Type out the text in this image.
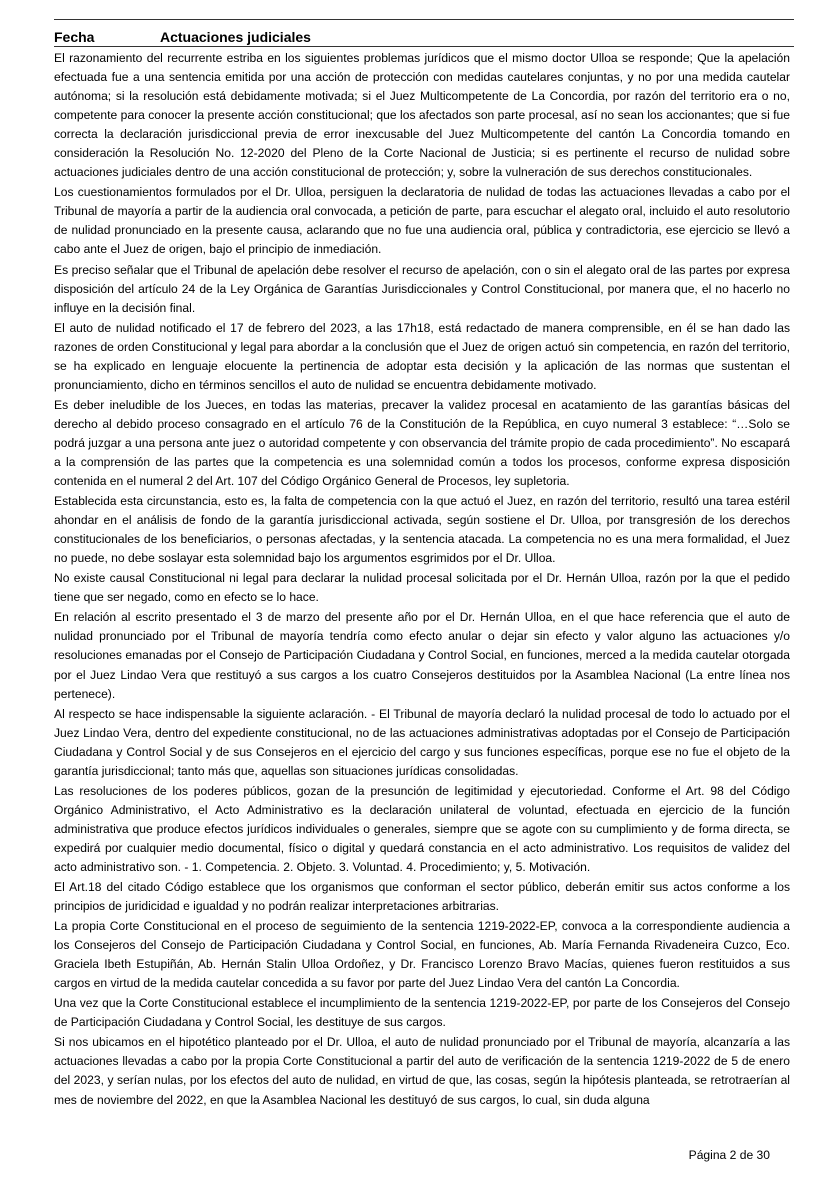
Fecha	Actuaciones judiciales

El razonamiento del recurrente estriba en los siguientes problemas jurídicos que el mismo doctor Ulloa se responde; Que la apelación efectuada fue a una sentencia emitida por una acción de protección con medidas cautelares conjuntas, y no por una medida cautelar autónoma; si la resolución está debidamente motivada; si el Juez Multicompetente de La Concordia, por razón del territorio era o no, competente para conocer la presente acción constitucional; que los afectados son parte procesal, así no sean los accionantes; que si fue correcta la declaración jurisdiccional previa de error inexcusable del Juez Multicompetente del cantón La Concordia tomando en consideración la Resolución No. 12-2020 del Pleno de la Corte Nacional de Justicia; si es pertinente el recurso de nulidad sobre actuaciones judiciales dentro de una acción constitucional de protección; y, sobre la vulneración de sus derechos constitucionales.

Los cuestionamientos formulados por el Dr. Ulloa, persiguen la declaratoria de nulidad de todas las actuaciones llevadas a cabo por el Tribunal de mayoría a partir de la audiencia oral convocada, a petición de parte, para escuchar el alegato oral, incluido el auto resolutorio de nulidad pronunciado en la presente causa, aclarando que no fue una audiencia oral, pública y contradictoria, ese ejercicio se llevó a cabo ante el Juez de origen, bajo el principio de inmediación.

Es preciso señalar que el Tribunal de apelación debe resolver el recurso de apelación, con o sin el alegato oral de las partes por expresa disposición del artículo 24 de la Ley Orgánica de Garantías Jurisdiccionales y Control Constitucional, por manera que, el no hacerlo no influye en la decisión final.

El auto de nulidad notificado el 17 de febrero del 2023, a las 17h18, está redactado de manera comprensible, en él se han dado las razones de orden Constitucional y legal para abordar a la conclusión que el Juez de origen actuó sin competencia, en razón del territorio, se ha explicado en lenguaje elocuente la pertinencia de adoptar esta decisión y la aplicación de las normas que sustentan el pronunciamiento, dicho en términos sencillos el auto de nulidad se encuentra debidamente motivado.

Es deber ineludible de los Jueces, en todas las materias, precaver la validez procesal en acatamiento de las garantías básicas del derecho al debido proceso consagrado en el artículo 76 de la Constitución de la República, en cuyo numeral 3 establece: “…Solo se podrá juzgar a una persona ante juez o autoridad competente y con observancia del trámite propio de cada procedimiento”. No escapará a la comprensión de las partes que la competencia es una solemnidad común a todos los procesos, conforme expresa disposición contenida en el numeral 2 del Art. 107 del Código Orgánico General de Procesos, ley supletoria.

Establecida esta circunstancia, esto es, la falta de competencia con la que actuó el Juez, en razón del territorio, resultó una tarea estéril ahondar en el análisis de fondo de la garantía jurisdiccional activada, según sostiene el Dr. Ulloa, por transgresión de los derechos constitucionales de los beneficiarios, o personas afectadas, y la sentencia atacada. La competencia no es una mera formalidad, el Juez no puede, no debe soslayar esta solemnidad bajo los argumentos esgrimidos por el Dr. Ulloa.

No existe causal Constitucional ni legal para declarar la nulidad procesal solicitada por el Dr. Hernán Ulloa, razón por la que el pedido tiene que ser negado, como en efecto se lo hace.

En relación al escrito presentado el 3 de marzo del presente año por el Dr. Hernán Ulloa, en el que hace referencia que el auto de nulidad pronunciado por el Tribunal de mayoría tendría como efecto anular o dejar sin efecto y valor alguno las actuaciones y/o resoluciones emanadas por el Consejo de Participación Ciudadana y Control Social, en funciones, merced a la medida cautelar otorgada por el Juez Lindao Vera que restituyó a sus cargos a los cuatro Consejeros destituidos por la Asamblea Nacional (La entre línea nos pertenece).

Al respecto se hace indispensable la siguiente aclaración. - El Tribunal de mayoría declaró la nulidad procesal de todo lo actuado por el Juez Lindao Vera, dentro del expediente constitucional, no de las actuaciones administrativas adoptadas por el Consejo de Participación Ciudadana y Control Social y de sus Consejeros en el ejercicio del cargo y sus funciones específicas, porque ese no fue el objeto de la garantía jurisdiccional; tanto más que, aquellas son situaciones jurídicas consolidadas.

Las resoluciones de los poderes públicos, gozan de la presunción de legitimidad y ejecutoriedad. Conforme el Art. 98 del Código Orgánico Administrativo, el Acto Administrativo es la declaración unilateral de voluntad, efectuada en ejercicio de la función administrativa que produce efectos jurídicos individuales o generales, siempre que se agote con su cumplimiento y de forma directa, se expedirá por cualquier medio documental, físico o digital y quedará constancia en el acto administrativo. Los requisitos de validez del acto administrativo son. - 1. Competencia. 2. Objeto. 3. Voluntad. 4. Procedimiento; y, 5. Motivación.

El Art.18 del citado Código establece que los organismos que conforman el sector público, deberán emitir sus actos conforme a los principios de juridicidad e igualdad y no podrán realizar interpretaciones arbitrarias.

La propia Corte Constitucional en el proceso de seguimiento de la sentencia 1219-2022-EP, convoca a la correspondiente audiencia a los Consejeros del Consejo de Participación Ciudadana y Control Social, en funciones, Ab. María Fernanda Rivadeneira Cuzco, Eco. Graciela Ibeth Estupiñán, Ab. Hernán Stalin Ulloa Ordoñez, y Dr. Francisco Lorenzo Bravo Macías, quienes fueron restituidos a sus cargos en virtud de la medida cautelar concedida a su favor por parte del Juez Lindao Vera del cantón La Concordia.

Una vez que la Corte Constitucional establece el incumplimiento de la sentencia 1219-2022-EP, por parte de los Consejeros del Consejo de Participación Ciudadana y Control Social, les destituye de sus cargos.

Si nos ubicamos en el hipotético planteado por el Dr. Ulloa, el auto de nulidad pronunciado por el Tribunal de mayoría, alcanzaría a las actuaciones llevadas a cabo por la propia Corte Constitucional a partir del auto de verificación de la sentencia 1219-2022 de 5 de enero del 2023, y serían nulas, por los efectos del auto de nulidad, en virtud de que, las cosas, según la hipótesis planteada, se retrotraerían al mes de noviembre del 2022, en que la Asamblea Nacional les destituyó de sus cargos, lo cual, sin duda alguna

Página 2 de 30
